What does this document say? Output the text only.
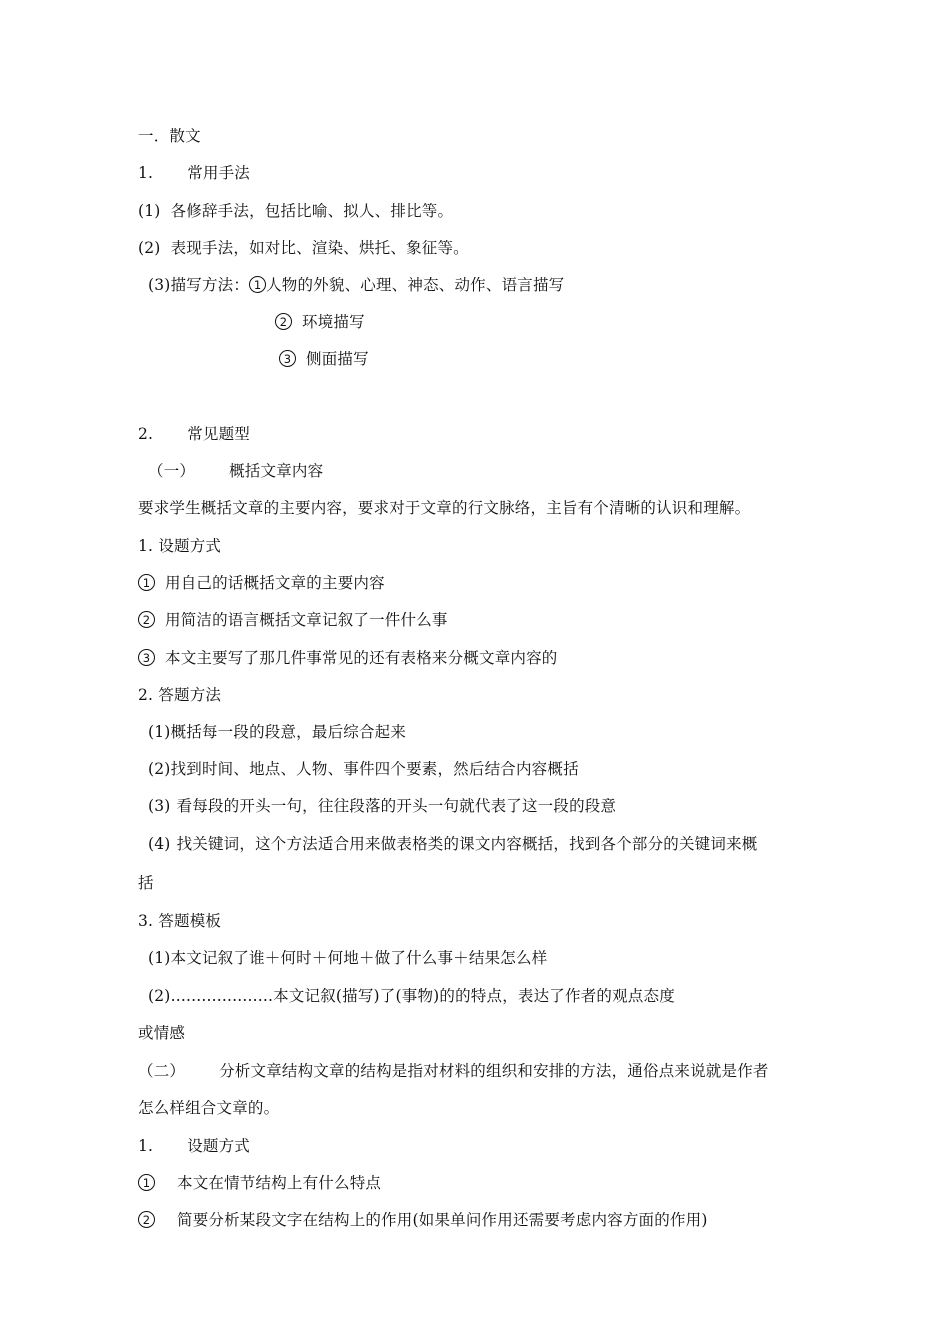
一．散文
1. 常用手法
(1) 各修辞手法，包括比喻、拟人、排比等。
(2) 表现手法，如对比、渲染、烘托、象征等。
(3)描写方法： 1 人物的外貌、心理、神态、动作、语言描写
2 环境描写
3 侧面描写
2. 常见题型
（一） 概括文章内容
要求学生概括文章的主要内容，要求对于文章的行文脉络，主旨有个清晰的认识和理解。
1. 设题方式
1 用自己的话概括文章的主要内容
2 用简洁的语言概括文章记叙了一件什么事
3 本文主要写了那几件事常见的还有表格来分概文章内容的
2. 答题方法
(1)概括每一段的段意，最后综合起来
(2)找到时间、地点、人物、事件四个要素，然后结合内容概括
(3) 看每段的开头一句，往往段落的开头一句就代表了这一段的段意
(4) 找关键词，这个方法适合用来做表格类的课文内容概括，找到各个部分的关键词来概
括
3. 答题模板
(1)本文记叙了谁＋何时＋何地＋做了什么事＋结果怎么样
(2)....................本文记叙(描写)了(事物)的的特点，表达了作者的观点态度
或情感
（二） 分析文章结构文章的结构是指对材料的组织和安排的方法，通俗点来说就是作者
怎么样组合文章的。
1. 设题方式
1 本文在情节结构上有什么特点
2 简要分析某段文字在结构上的作用(如果单问作用还需要考虑内容方面的作用)
